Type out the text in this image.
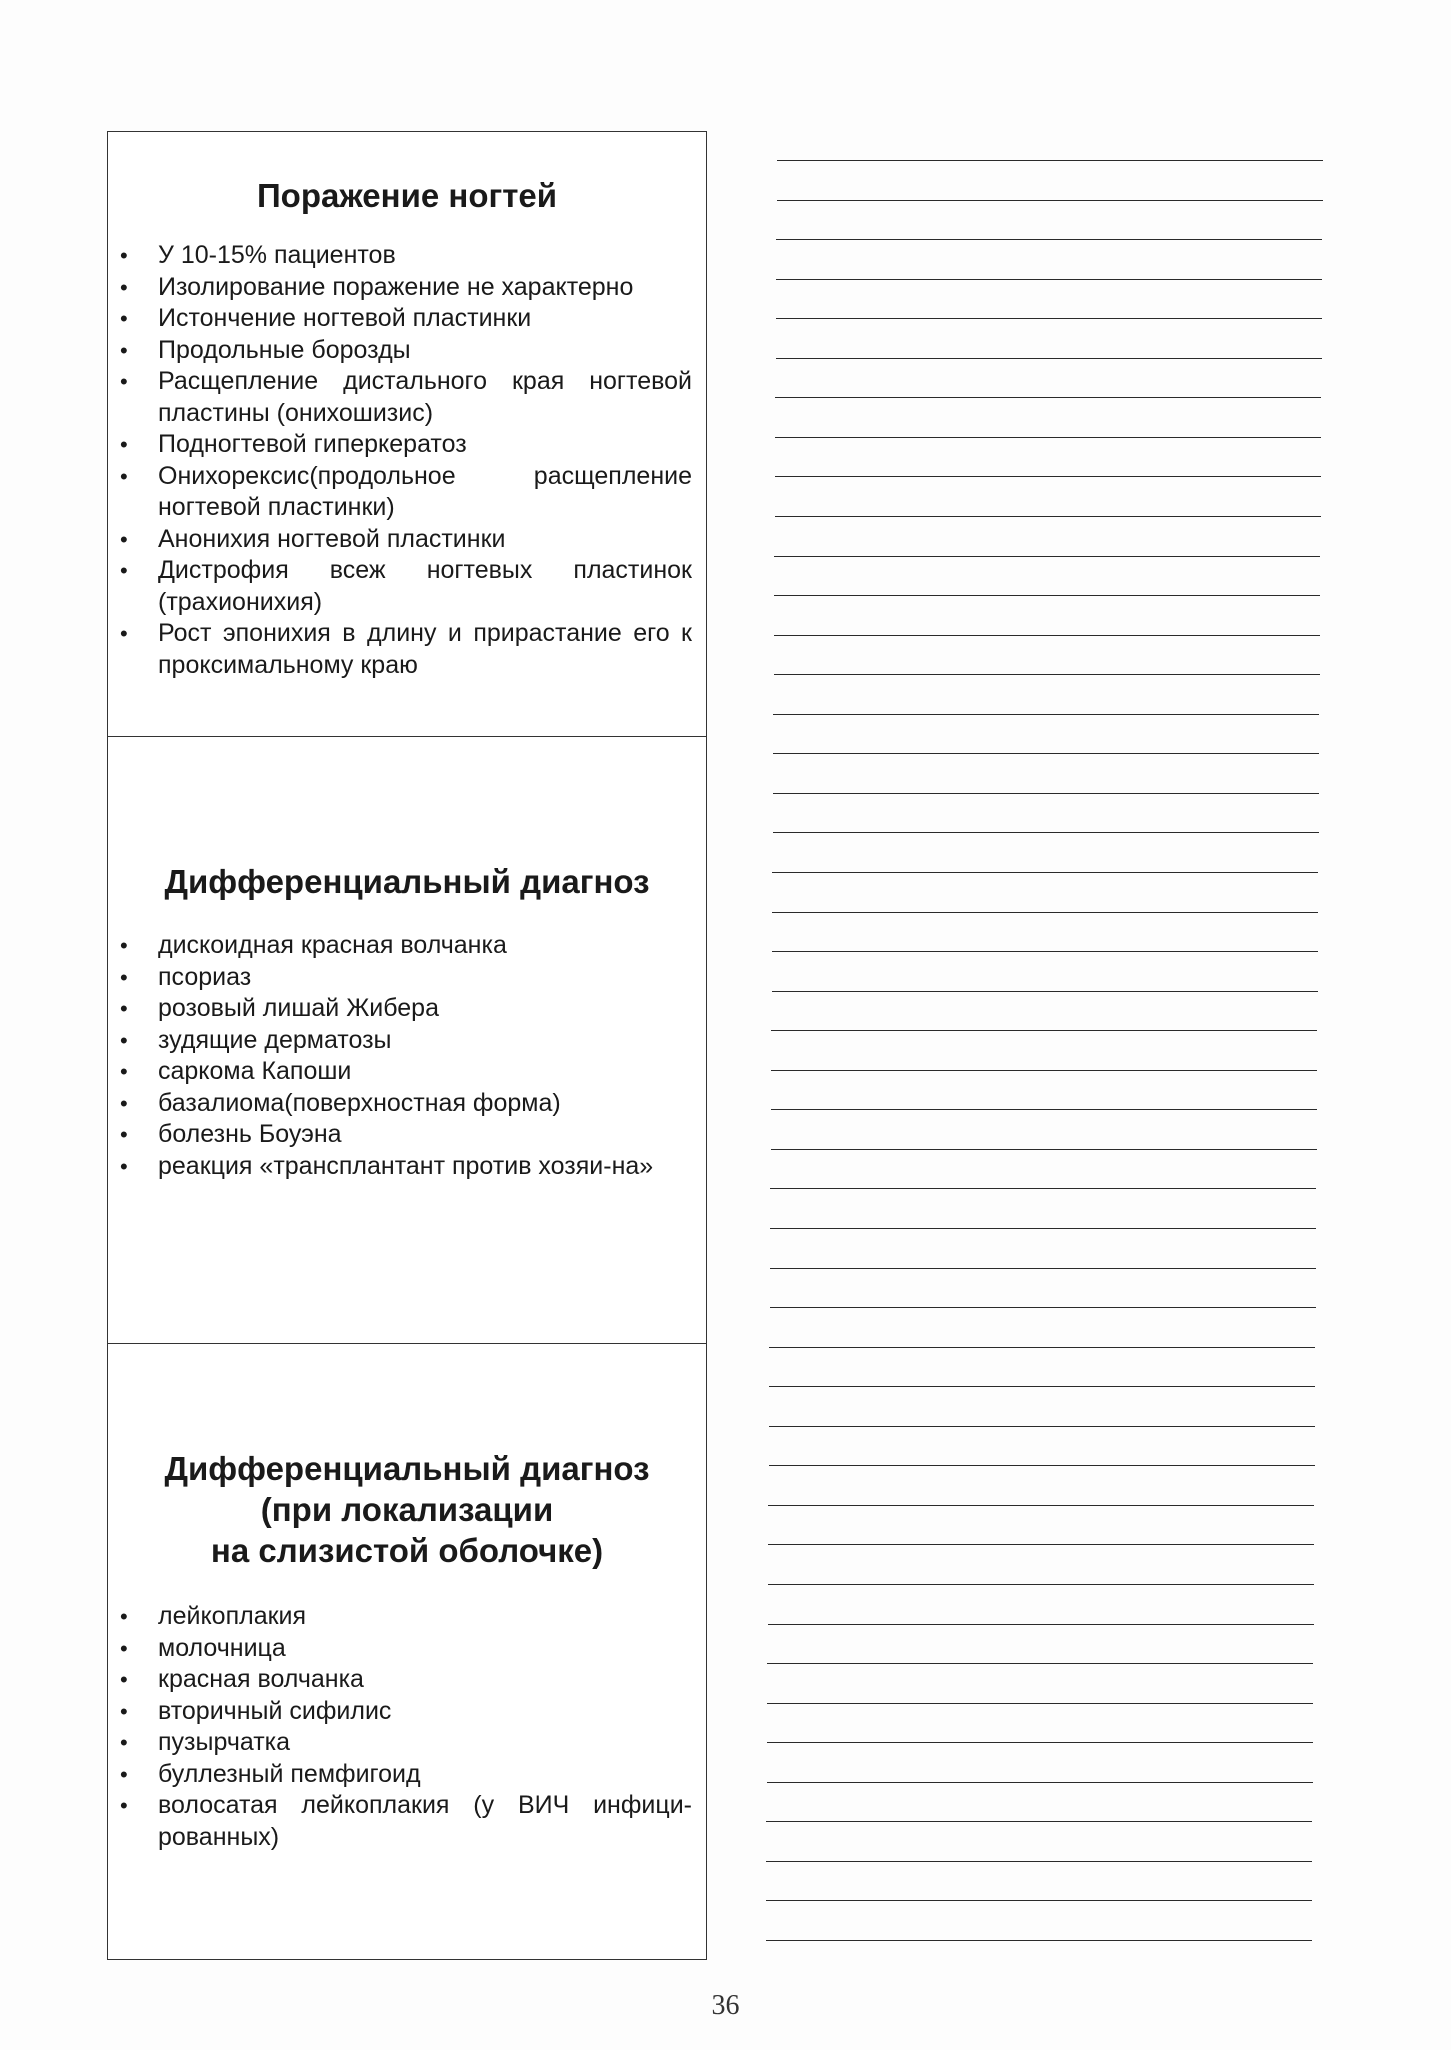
Поражение ногтей
• У 10-15% пациентов
• Изолирование поражение не характерно
• Истончение ногтевой пластинки
• Продольные борозды
• Расщепление дистального края ногтевой пластины (онихошизис)
• Подногтевой гиперкератоз
• Онихорексис(продольное расщепление ногтевой пластинки)
• Анонихия ногтевой пластинки
• Дистрофия всеж ногтевых пластинок (трахионихия)
• Рост эпонихия в длину и прирастание его к проксимальному краю
Дифференциальный диагноз
• дискоидная красная волчанка
• псориаз
• розовый лишай Жибера
• зудящие дерматозы
• саркома Капоши
• базалиома(поверхностная форма)
• болезнь Боуэна
• реакция «трансплантант против хозяи-на»
Дифференциальный диагноз
(при локализации
на слизистой оболочке)
• лейкоплакия
• молочница
• красная волчанка
• вторичный сифилис
• пузырчатка
• буллезный пемфигоид
• волосатая лейкоплакия (у ВИЧ инфици-рованных)
36
